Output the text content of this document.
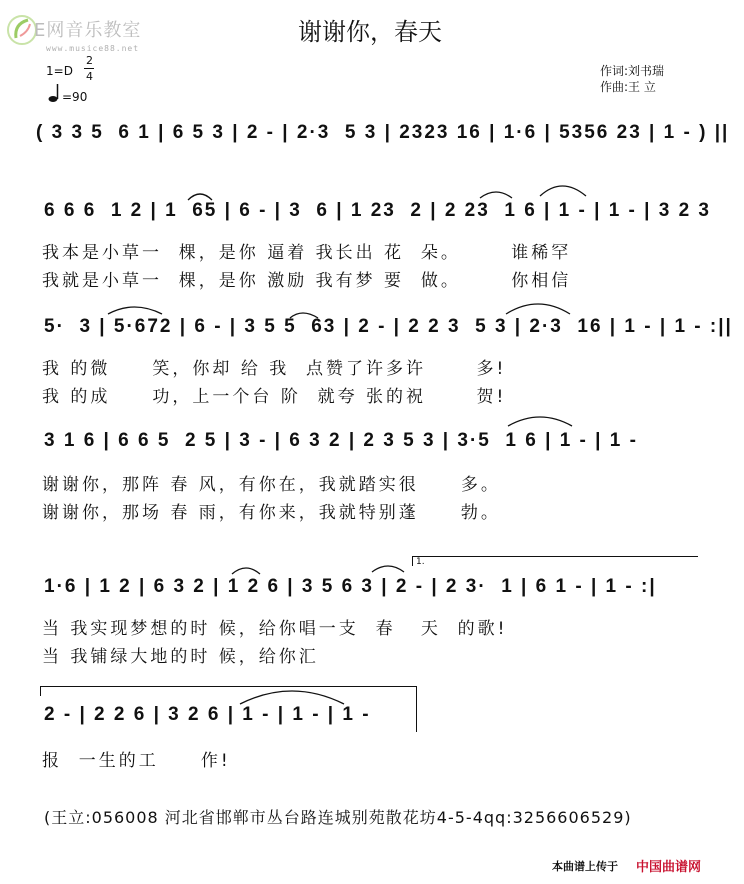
E网音乐教室
www.musice88.net
谢谢你，春天
作词:刘书瑞
作曲:王 立
1=D
2
4
=90
( 3 3 5  6 1 | 6 5 3 | 2 - | 2·3  5 3 | 2323 16 | 1·6 | 5356 23 | 1 - ) ||
6 6 6  1 2 | 1  65 | 6 - | 3  6 | 1 23  2 | 2 23  1 6 | 1 - | 1 - | 3 2 3
我本是小草一  棵，是你 逼着 我长出 花  朵。      谁稀罕
我就是小草一  棵，是你 激励 我有梦 要  做。      你相信
5·  3 | 5·672 | 6 - | 3 5 5  63 | 2 - | 2 2 3  5 3 | 2·3  16 | 1 - | 1 - :||
我 的微     笑，你却 给 我  点赞了许多许      多!
我 的成     功，上一个台 阶  就夸 张的祝      贺!
3 1 6 | 6 6 5  2 5 | 3 - | 6 3 2 | 2 3 5 3 | 3·5  1 6 | 1 - | 1 -
谢谢你，那阵 春 风，有你在，我就踏实很     多。
谢谢你，那场 春 雨，有你来，我就特别蓬     勃。
1.
1·6 | 1 2 | 6 3 2 | 1 2 6 | 3 5 6 3 | 2 - | 2 3·  1 | 6 1 - | 1 - :|
当 我实现梦想的时 候，给你唱一支  春   天  的歌!
当 我铺绿大地的时 候，给你汇
2 - | 2 2 6 | 3 2 6 | 1 - | 1 - | 1 -
报  一生的工     作!
(王立:056008 河北省邯郸市丛台路连城别苑散花坊4-5-4qq:3256606529)
本曲谱上传于 中国曲谱网
